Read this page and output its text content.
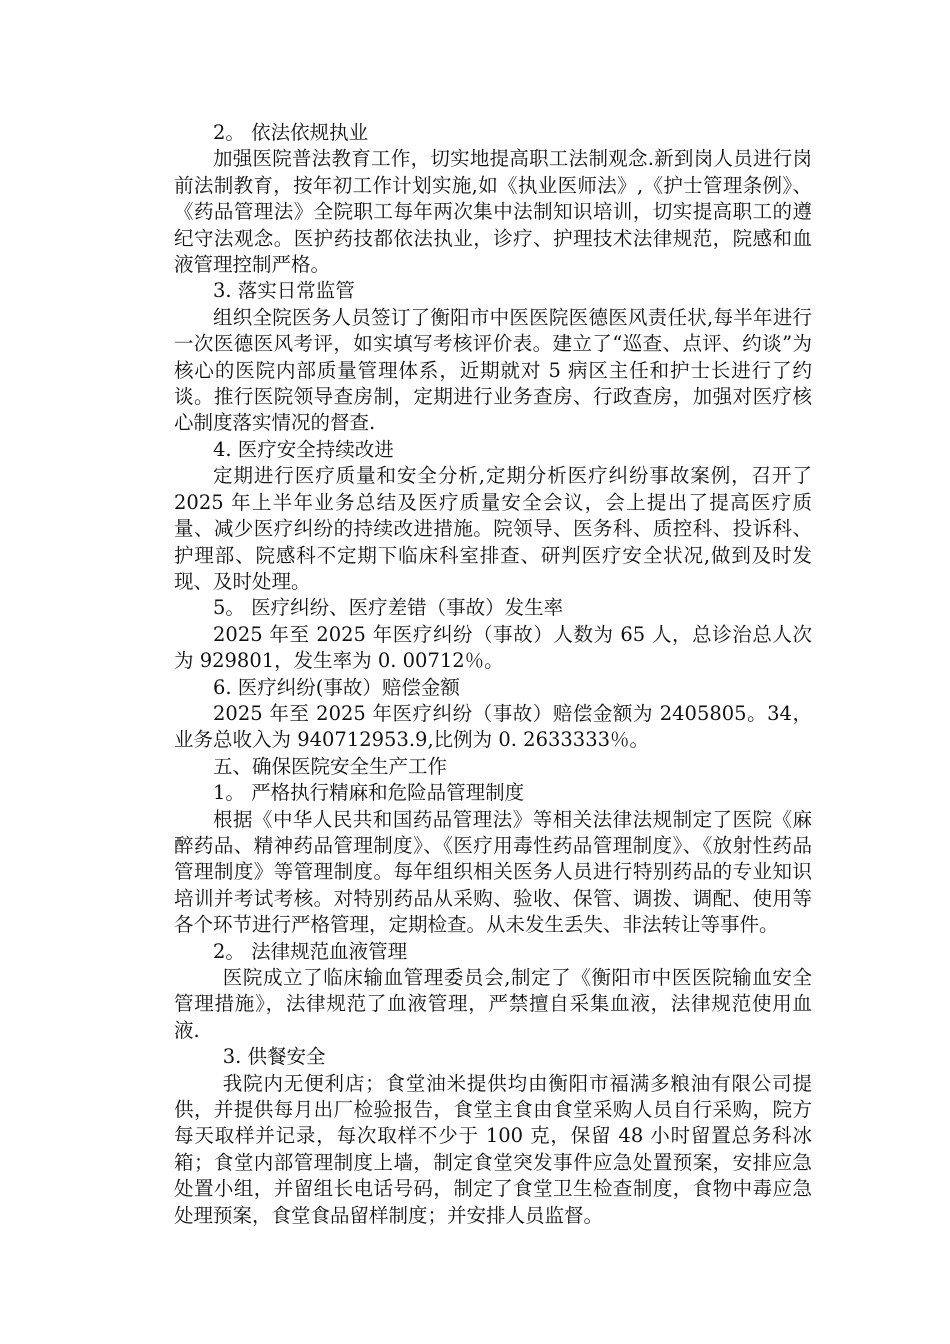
2。 依法依规执业

加强医院普法教育工作，切实地提高职工法制观念.新到岗人员进行岗前法制教育，按年初工作计划实施,如《执业医师法》,《护士管理条例》、《药品管理法》全院职工每年两次集中法制知识培训，切实提高职工的遵纪守法观念。医护药技都依法执业，诊疗、护理技术法律规范，院感和血液管理控制严格。

3. 落实日常监管

组织全院医务人员签订了衡阳市中医医院医德医风责任状,每半年进行一次医德医风考评，如实填写考核评价表。建立了“巡查、点评、约谈”为核心的医院内部质量管理体系，近期就对 5 病区主任和护士长进行了约谈。推行医院领导查房制，定期进行业务查房、行政查房，加强对医疗核心制度落实情况的督查.

4. 医疗安全持续改进

定期进行医疗质量和安全分析,定期分析医疗纠纷事故案例，召开了 2025 年上半年业务总结及医疗质量安全会议，会上提出了提高医疗质量、减少医疗纠纷的持续改进措施。院领导、医务科、质控科、投诉科、护理部、院感科不定期下临床科室排查、研判医疗安全状况,做到及时发现、及时处理。

5。 医疗纠纷、医疗差错（事故）发生率

2025 年至 2025 年医疗纠纷（事故）人数为 65 人，总诊治总人次为 929801，发生率为 0. 00712％。

6. 医疗纠纷(事故）赔偿金额

2025 年至 2025 年医疗纠纷（事故）赔偿金额为 2405805。34，业务总收入为 940712953.9,比例为 0. 2633333％。

五、确保医院安全生产工作

1。 严格执行精麻和危险品管理制度

根据《中华人民共和国药品管理法》等相关法律法规制定了医院《麻醉药品、精神药品管理制度》、《医疗用毒性药品管理制度》、《放射性药品管理制度》等管理制度。每年组织相关医务人员进行特别药品的专业知识培训并考试考核。对特别药品从采购、验收、保管、调拨、调配、使用等各个环节进行严格管理，定期检查。从未发生丢失、非法转让等事件。

2。 法律规范血液管理

医院成立了临床输血管理委员会,制定了《衡阳市中医医院输血安全管理措施》，法律规范了血液管理，严禁擅自采集血液，法律规范使用血液.

3. 供餐安全

我院内无便利店；食堂油米提供均由衡阳市福满多粮油有限公司提供，并提供每月出厂检验报告，食堂主食由食堂采购人员自行采购，院方每天取样并记录，每次取样不少于 100 克，保留 48 小时留置总务科冰箱；食堂内部管理制度上墙，制定食堂突发事件应急处置预案，安排应急处置小组，并留组长电话号码，制定了食堂卫生检查制度，食物中毒应急处理预案，食堂食品留样制度；并安排人员监督。
